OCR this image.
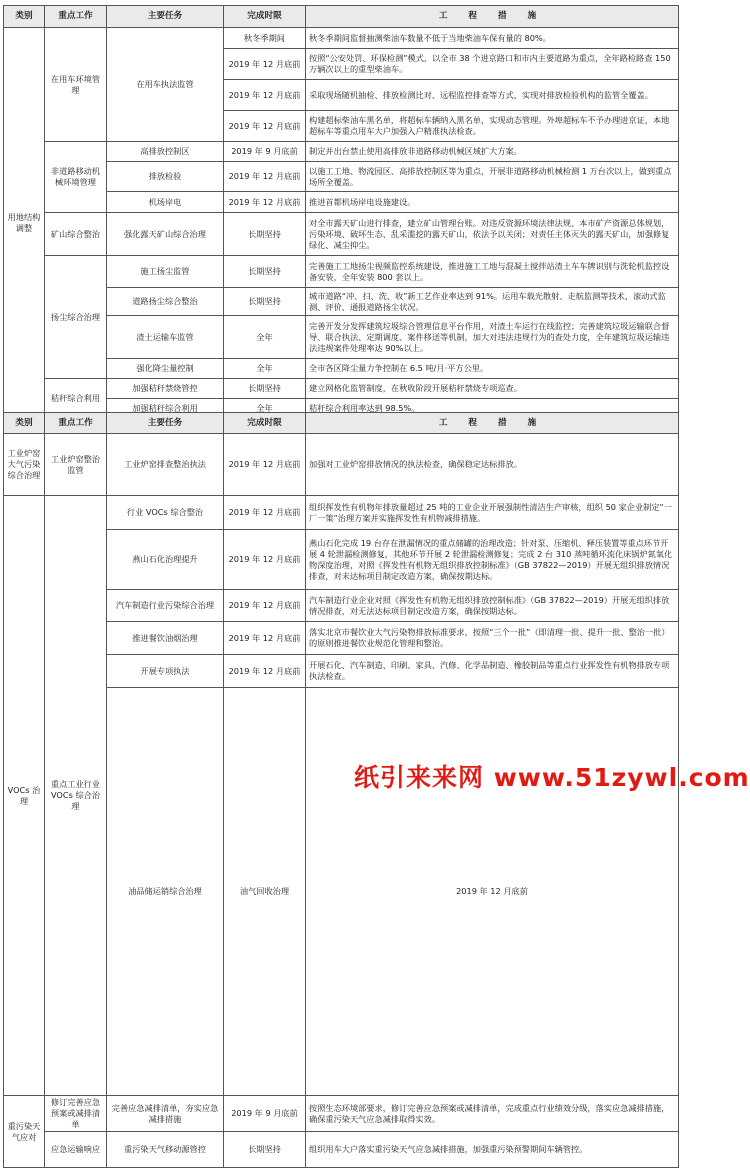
类别	重点工作	主要任务	完成时限	工 程 措 施
用地结构调整	在用车环境管理	在用车执法监管	秋冬季期间	秋冬季期间监督抽测柴油车数量不低于当地柴油车保有量的 80%。
			2019 年 12 月底前	按照“公安处罚、环保检测”模式，以全市 38 个进京路口和市内主要道路为重点，全年路检路查 150 万辆次以上的重型柴油车。
			2019 年 12 月底前	采取现场随机抽检、排放检测比对、远程监控排查等方式，实现对排放检验机构的监管全覆盖。
			2019 年 12 月底前	构建超标柴油车黑名单，将超标车辆纳入黑名单，实现动态管理。外埠超标车不予办理进京证，本地超标车等重点用车大户加强入户精准执法检查。
	非道路移动机械环境管理	高排放控制区	2019 年 9 月底前	制定并出台禁止使用高排放非道路移动机械区域扩大方案。
		排放检验	2019 年 12 月底前	以施工工地、物流园区、高排放控制区等为重点，开展非道路移动机械检测 1 万台次以上，做到重点场所全覆盖。
		机场岸电	2019 年 12 月底前	推进首都机场岸电设施建设。
	矿山综合整治	强化露天矿山综合治理	长期坚持	对全市露天矿山进行排查，建立矿山管理台账。对违反资源环境法律法规、本市矿产资源总体规划，污染环境、破坏生态、乱采滥挖的露天矿山，依法予以关闭；对责任主体灭失的露天矿山，加强修复绿化、减尘抑尘。
	扬尘综合治理	施工扬尘监管	长期坚持	完善施工工地扬尘视频监控系统建设，推进施工工地与混凝土搅拌站渣土车车牌识别与洗轮机监控设备安装，全年安装 800 套以上。
		道路扬尘综合整治	长期坚持	城市道路“冲、扫、洗、收”新工艺作业率达到 91%。运用车载光散射、走航监测等技术，滚动式监测、评价、通报道路扬尘状况。
		渣土运输车监管	全年	完善开发分发挥建筑垃圾综合管理信息平台作用，对渣土车运行在线监控；完善建筑垃圾运输联合督导、联合执法、定期调度、案件移送等机制，加大对违法违规行为的查处力度，全年建筑垃圾运输违法违规案件处理率达 90%以上。
		强化降尘量控制	全年	全市各区降尘量力争控制在 6.5 吨/月·平方公里。
	秸秆综合利用	加强秸秆禁烧管控	长期坚持	建立网格化监管制度，在秋收阶段开展秸秆禁烧专项巡查。

		加强秸秆综合利用	全年	秸秆综合利用率达到 98.5%。
类别	重点工作	主要任务	完成时限	工 程 措 施	
工业炉窑大气污染综合治理	工业炉窑整治监管	工业炉窑排查整治执法	2019 年 12 月底前	加强对工业炉窑排放情况的执法检查，确保稳定达标排放。	
VOCs 治理	重点工业行业 VOCs 综合治理	行业 VOCs 综合整治	2019 年 12 月底前	组织挥发性有机物年排放量超过 25 吨的工业企业开展强制性清洁生产审核，组织 50 家企业制定“一厂一策”治理方案并实施挥发性有机物减排措施。	
		燕山石化治理提升	2019 年 12 月底前	燕山石化完成 19 台存在泄漏情况的重点储罐的治理改造；针对泵、压缩机、释压装置等重点环节开展 4 轮泄漏检测修复，其他环节开展 2 轮泄漏检测修复；完成 2 台 310 蒸吨循环流化床锅炉氮氧化物深度治理，对照《挥发性有机物无组织排放控制标准》（GB 37822—2019）开展无组织排放情况排查，对未达标项目制定改造方案，确保按期达标。	
		汽车制造行业污染综合治理	2019 年 12 月底前	汽车制造行业企业对照《挥发性有机物无组织排放控制标准》（GB 37822—2019）开展无组织排放情况排查，对无法达标项目制定改造方案，确保按期达标。	
		推进餐饮油烟治理	2019 年 12 月底前	落实北京市餐饮业大气污染物排放标准要求，按照“三个一批”（即清理一批、提升一批、整治一批）的原则推进餐饮业规范化管理和整治。	
		开展专项执法	2019 年 12 月底前	开展石化、汽车制造、印刷、家具、汽修、化学品制造、橡胶制品等重点行业挥发性有机物排放专项执法检查。	
		油品储运销综合治理	油气回收治理	2019 年 12 月底前	

重污染天气应对	修订完善应急预案或减排清单	完善应急减排清单，夯实应急减排措施	2019 年 9 月底前	按照生态环境部要求，修订完善应急预案或减排清单，完成重点行业绩效分级，落实应急减排措施，确保重污染天气应急减排取得实效。	
	应急运输响应	重污染天气移动源管控	长期坚持	组织用车大户落实重污染天气应急减排措施，加强重污染预警期间车辆管控。	
纸引来来网 www.51zywl.com
